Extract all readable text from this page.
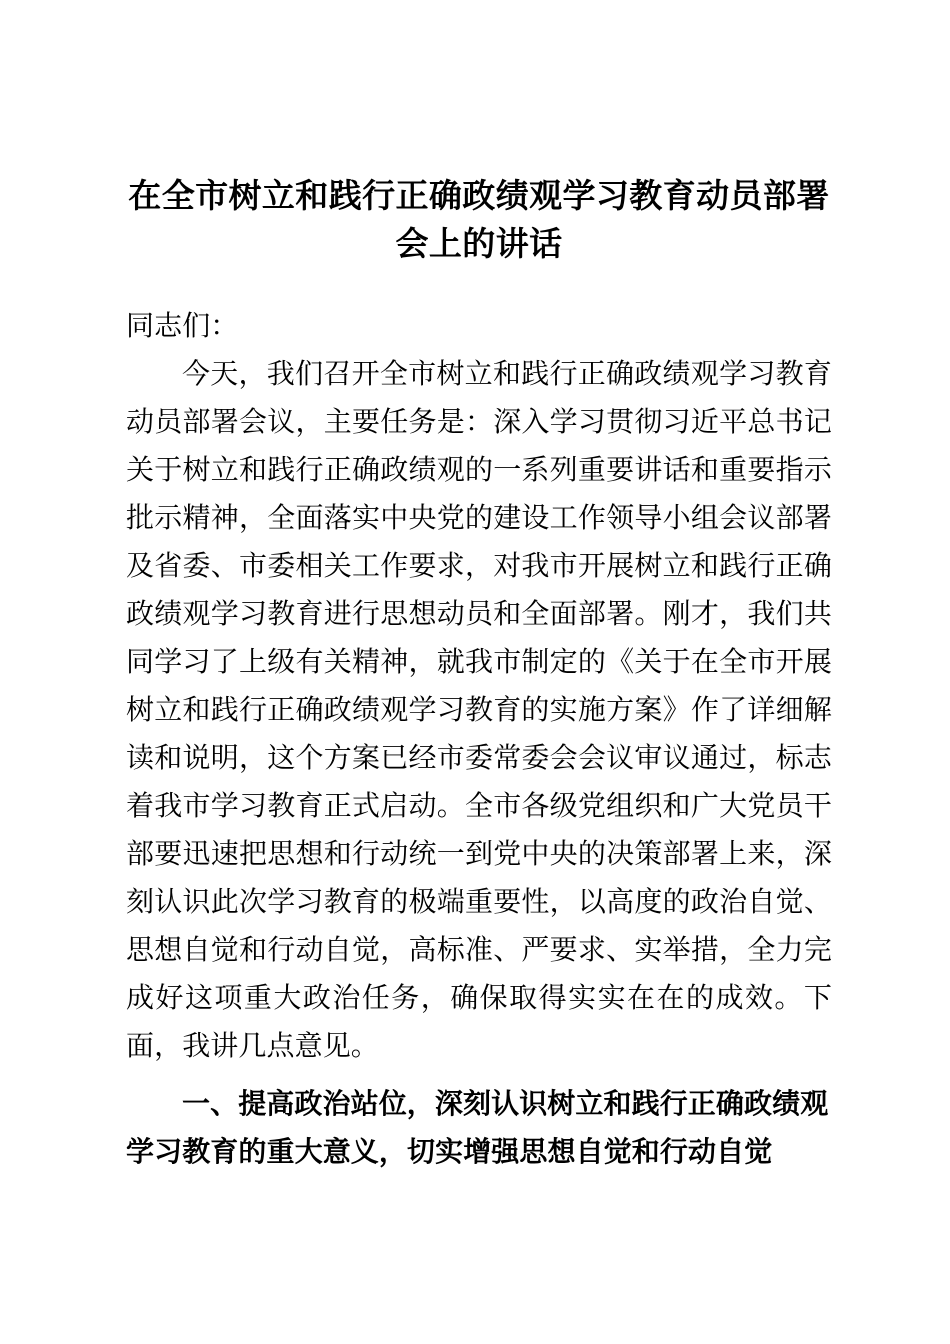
在全市树立和践行正确政绩观学习教育动员部署会上的讲话

同志们：

今天，我们召开全市树立和践行正确政绩观学习教育动员部署会议，主要任务是：深入学习贯彻习近平总书记关于树立和践行正确政绩观的一系列重要讲话和重要指示批示精神，全面落实中央党的建设工作领导小组会议部署及省委、市委相关工作要求，对我市开展树立和践行正确政绩观学习教育进行思想动员和全面部署。刚才，我们共同学习了上级有关精神，就我市制定的《关于在全市开展树立和践行正确政绩观学习教育的实施方案》作了详细解读和说明，这个方案已经市委常委会会议审议通过，标志着我市学习教育正式启动。全市各级党组织和广大党员干部要迅速把思想和行动统一到党中央的决策部署上来，深刻认识此次学习教育的极端重要性，以高度的政治自觉、思想自觉和行动自觉，高标准、严要求、实举措，全力完成好这项重大政治任务，确保取得实实在在的成效。下面，我讲几点意见。

一、提高政治站位，深刻认识树立和践行正确政绩观学习教育的重大意义，切实增强思想自觉和行动自觉
